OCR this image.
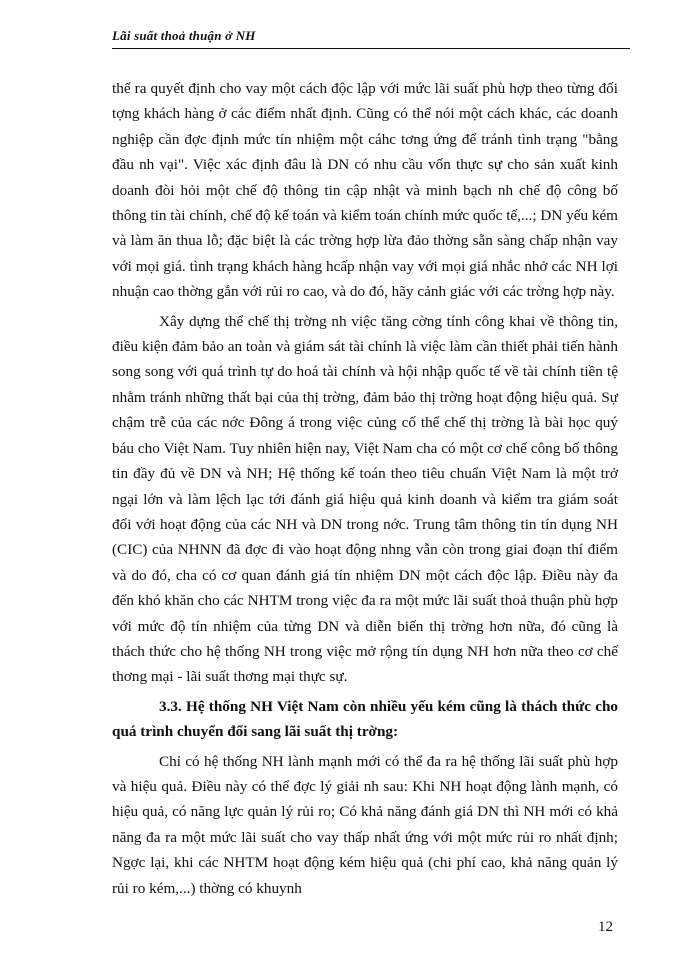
Lãi suất thoả thuận ở NH

thể ra quyết định cho vay một cách độc lập với mức lãi suất phù hợp theo từng đối tợng khách hàng ở các điểm nhất định. Cũng có thể nói một cách khác, các doanh nghiệp cần đợc định mức tín nhiệm một cáhc tơng ứng để tránh tình trạng "bằng đầu nh vại". Việc xác định đâu là DN có nhu cầu vốn thực sự cho sản xuất kinh doanh đòi hỏi một chế độ thông tin cập nhật và minh bạch nh chế độ công bố thông tin tài chính, chế độ kế toán và kiểm toán chính mức quốc tế,...; DN yếu kém và làm ăn thua lỗ; đặc biệt là các trờng hợp lừa đảo thờng sẵn sàng chấp nhận vay với mọi giá. tình trạng khách hàng hcấp nhận vay với mọi giá nhắc nhở các NH lợi nhuận cao thờng gắn với rủi ro cao, và do đó, hãy cảnh giác với các trờng hợp này.

Xây dựng thể chế thị trờng nh việc tăng cờng tính công khai về thông tin, điều kiện đảm bảo an toàn và giám sát tài chính là việc làm cần thiết phải tiến hành song song với quá trình tự do hoá tài chính và hội nhập quốc tế về tài chính tiền tệ nhằm tránh những thất bại của thị trờng, đảm bảo thị trờng hoạt động hiệu quả. Sự chậm trễ của các nớc Đông á trong việc củng cố thể chế thị trờng là bài học quý báu cho Việt Nam. Tuy nhiên hiện nay, Việt Nam cha có một cơ chế công bố thông tin đầy đủ về DN và NH; Hệ thống kế toán theo tiêu chuẩn Việt Nam là một trở ngại lớn và làm lệch lạc tới đánh giá hiệu quả kinh doanh và kiểm tra giám soát đối với hoạt động của các NH và DN trong nớc. Trung tâm thông tin tín dụng NH (CIC) của NHNN đã đợc đi vào hoạt động nhng vẫn còn trong giai đoạn thí điểm và do đó, cha có cơ quan đánh giá tín nhiệm DN một cách độc lập. Điều này đa đến khó khăn cho các NHTM trong việc đa ra một mức lãi suất thoả thuận phù hợp với mức độ tín nhiệm của từng DN và diễn biến thị trờng hơn nữa, đó cũng là thách thức cho hệ thống NH trong việc mở rộng tín dụng NH hơn nữa theo cơ chế thơng mại - lãi suất thơng mại thực sự.

3.3. Hệ thống NH Việt Nam còn nhiều yếu kém cũng là thách thức cho quá trình chuyển đổi sang lãi suất thị trờng:

Chỉ có hệ thống NH lành mạnh mới có thể đa ra hệ thống lãi suất phù hợp và hiệu quả. Điều này có thể đợc lý giải nh sau: Khi NH hoạt động lành mạnh, có hiệu quả, có năng lực quản lý rủi ro; Có khả năng đánh giá DN thì NH mới có khả năng đa ra một mức lãi suất cho vay thấp nhất ứng với một mức rủi ro nhất định; Ngợc lại, khi các NHTM hoạt động kém hiệu quả (chi phí cao, khả năng quản lý rủi ro kém,...) thờng có khuynh

12
